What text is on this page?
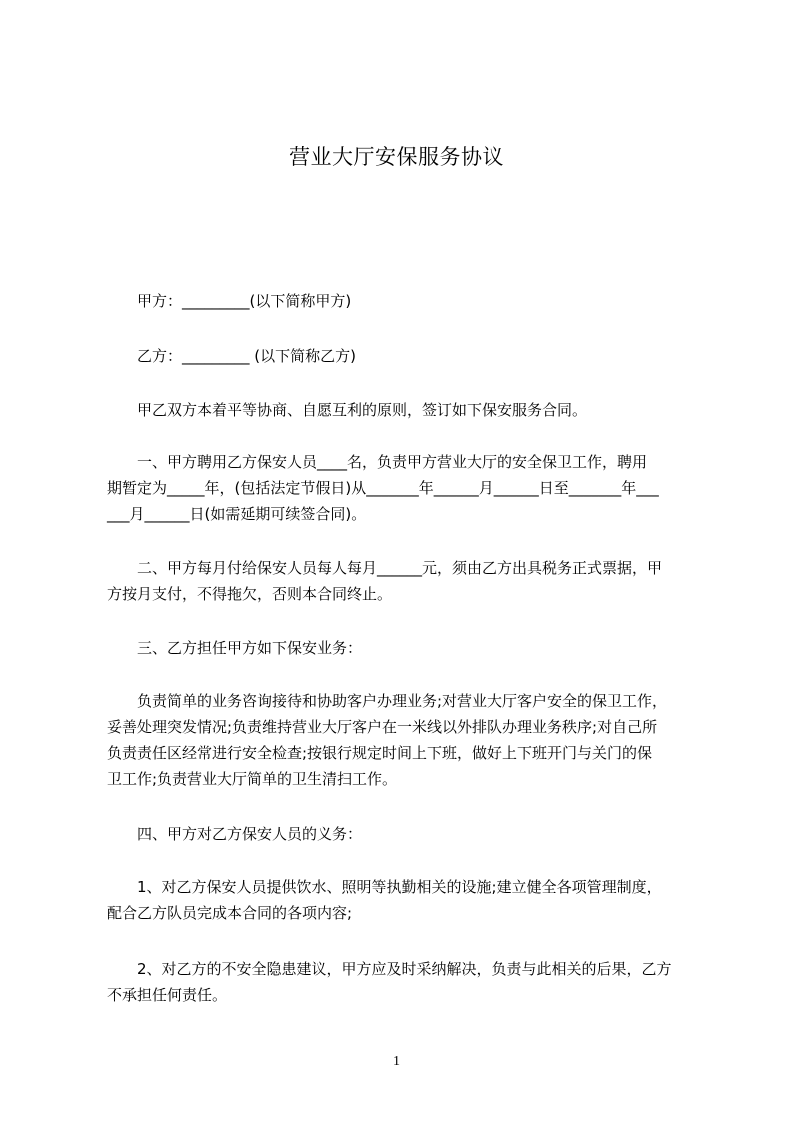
营业大厅安保服务协议

甲方：_________(以下简称甲方)

乙方：_________ (以下简称乙方)

甲乙双方本着平等协商、自愿互利的原则，签订如下保安服务合同。

一、甲方聘用乙方保安人员____名，负责甲方营业大厅的安全保卫工作，聘用
期暂定为_____年，(包括法定节假日)从_______年______月______日至_______年___
___月______日(如需延期可续签合同)。

二、甲方每月付给保安人员每人每月______元，须由乙方出具税务正式票据，甲
方按月支付，不得拖欠，否则本合同终止。

三、乙方担任甲方如下保安业务：

负责简单的业务咨询接待和协助客户办理业务;对营业大厅客户安全的保卫工作，
妥善处理突发情况;负责维持营业大厅客户在一米线以外排队办理业务秩序;对自己所
负责责任区经常进行安全检查;按银行规定时间上下班，做好上下班开门与关门的保
卫工作;负责营业大厅简单的卫生清扫工作。

四、甲方对乙方保安人员的义务：

1、对乙方保安人员提供饮水、照明等执勤相关的设施;建立健全各项管理制度，
配合乙方队员完成本合同的各项内容;

2、对乙方的不安全隐患建议，甲方应及时采纳解决，负责与此相关的后果，乙方
不承担任何责任。

1
